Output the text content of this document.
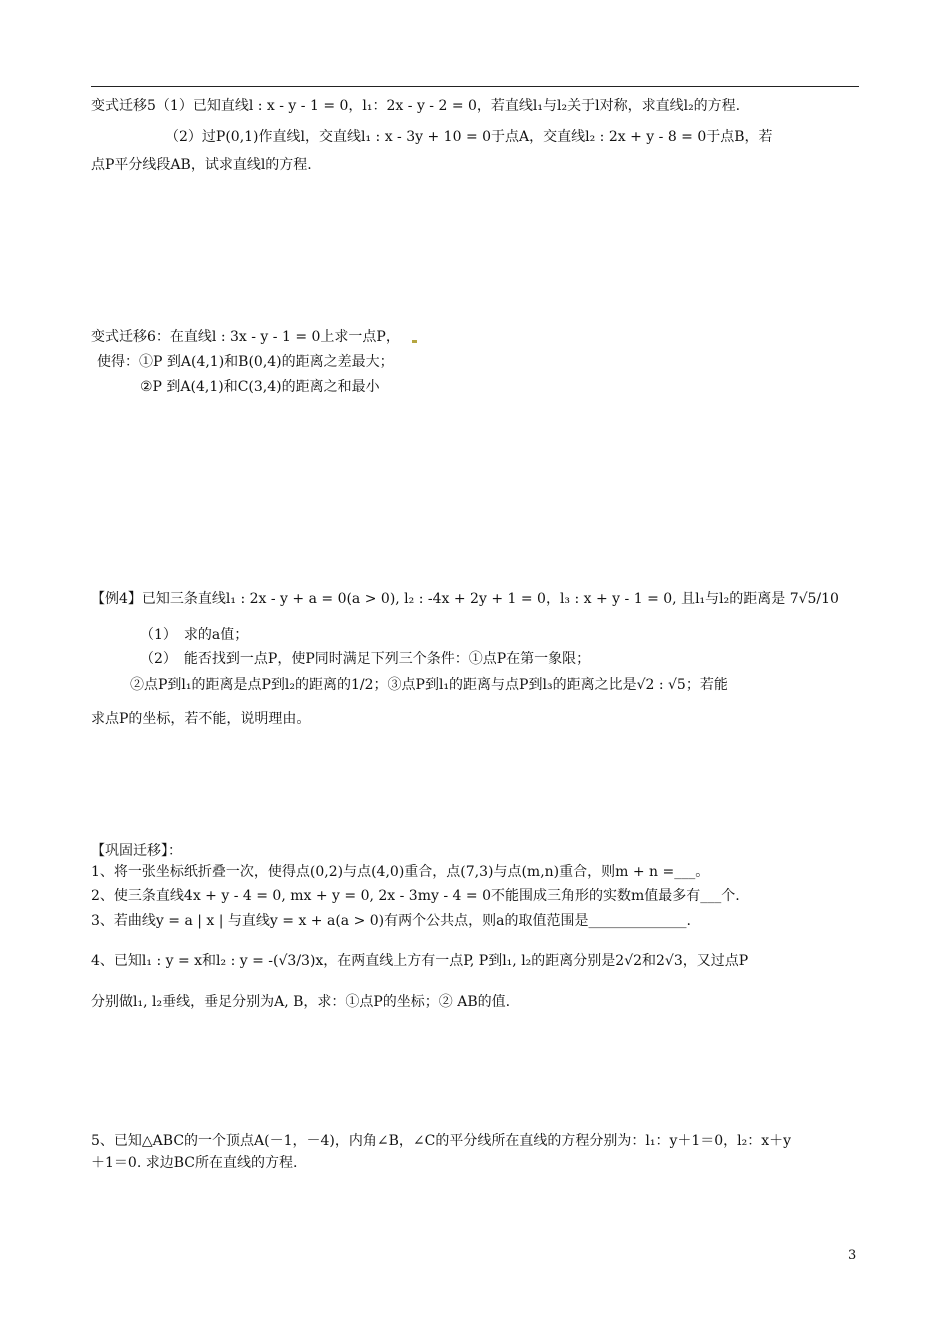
变式迁移5（1）已知直线l : x - y - 1 = 0，l₁：2x - y - 2 = 0，若直线l₁与l₂关于l对称，求直线l₂的方程.
（2）过P(0,1)作直线l，交直线l₁ : x - 3y + 10 = 0于点A，交直线l₂ : 2x + y - 8 = 0于点B，若
点P平分线段AB，试求直线l的方程.
变式迁移6：在直线l : 3x - y - 1 = 0上求一点P，
使得：①P 到A(4,1)和B(0,4)的距离之差最大；
②P 到A(4,1)和C(3,4)的距离之和最小
【例4】已知三条直线l₁ : 2x - y + a = 0(a > 0), l₂ : -4x + 2y + 1 = 0，l₃ : x + y - 1 = 0, 且l₁与l₂的距离是 7√5/10
（1）　求的a值；
（2）　能否找到一点P，使P同时满足下列三个条件：①点P在第一象限；
②点P到l₁的距离是点P到l₂的距离的1/2；③点P到l₁的距离与点P到l₃的距离之比是√2 : √5；若能
求点P的坐标，若不能，说明理由。
【巩固迁移】：
1、将一张坐标纸折叠一次，使得点(0,2)与点(4,0)重合，点(7,3)与点(m,n)重合，则m + n =___。
2、使三条直线4x + y - 4 = 0, mx + y = 0, 2x - 3my - 4 = 0不能围成三角形的实数m值最多有___个.
3、若曲线y = a | x | 与直线y = x + a(a > 0)有两个公共点，则a的取值范围是______________.
4、已知l₁ : y = x和l₂ : y = -(√3/3)x，在两直线上方有一点P, P到l₁, l₂的距离分别是2√2和2√3，又过点P
分别做l₁, l₂垂线，垂足分别为A, B，求：①点P的坐标；② AB的值.
5、已知△ABC的一个顶点A(－1，－4)，内角∠B，∠C的平分线所在直线的方程分别为：l₁：y＋1＝0，l₂：x＋y
＋1＝0. 求边BC所在直线的方程.
3
